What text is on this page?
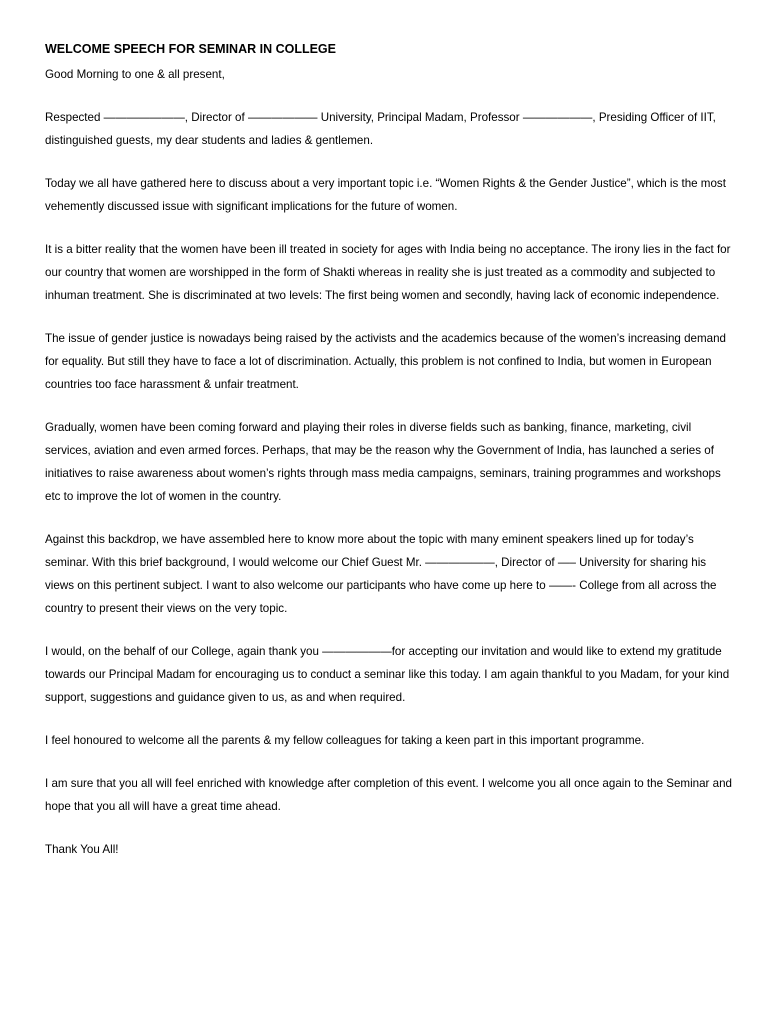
WELCOME SPEECH FOR SEMINAR IN COLLEGE
Good Morning to one & all present,
Respected ———————, Director of —————— University, Principal Madam, Professor ——————, Presiding Officer of IIT, distinguished guests, my dear students and ladies & gentlemen.
Today we all have gathered here to discuss about a very important topic i.e. “Women Rights & the Gender Justice”, which is the most vehemently discussed issue with significant implications for the future of women.
It is a bitter reality that the women have been ill treated in society for ages with India being no acceptance. The irony lies in the fact for our country that women are worshipped in the form of Shakti whereas in reality she is just treated as a commodity and subjected to inhuman treatment. She is discriminated at two levels: The first being women and secondly, having lack of economic independence.
The issue of gender justice is nowadays being raised by the activists and the academics because of the women’s increasing demand for equality. But still they have to face a lot of discrimination. Actually, this problem is not confined to India, but women in European countries too face harassment & unfair treatment.
Gradually, women have been coming forward and playing their roles in diverse fields such as banking, finance, marketing, civil services, aviation and even armed forces. Perhaps, that may be the reason why the Government of India, has launched a series of initiatives to raise awareness about women’s rights through mass media campaigns, seminars, training programmes and workshops etc to improve the lot of women in the country.
Against this backdrop, we have assembled here to know more about the topic with many eminent speakers lined up for today’s seminar. With this brief background, I would welcome our Chief Guest Mr. ——————, Director of —– University for sharing his views on this pertinent subject. I want to also welcome our participants who have come up here to ——- College from all across the country to present their views on the very topic.
I would, on the behalf of our College, again thank you ——————for accepting our invitation and would like to extend my gratitude towards our Principal Madam for encouraging us to conduct a seminar like this today. I am again thankful to you Madam, for your kind support, suggestions and guidance given to us, as and when required.
I feel honoured to welcome all the parents & my fellow colleagues for taking a keen part in this important programme.
I am sure that you all will feel enriched with knowledge after completion of this event. I welcome you all once again to the Seminar and hope that you all will have a great time ahead.
Thank You All!
